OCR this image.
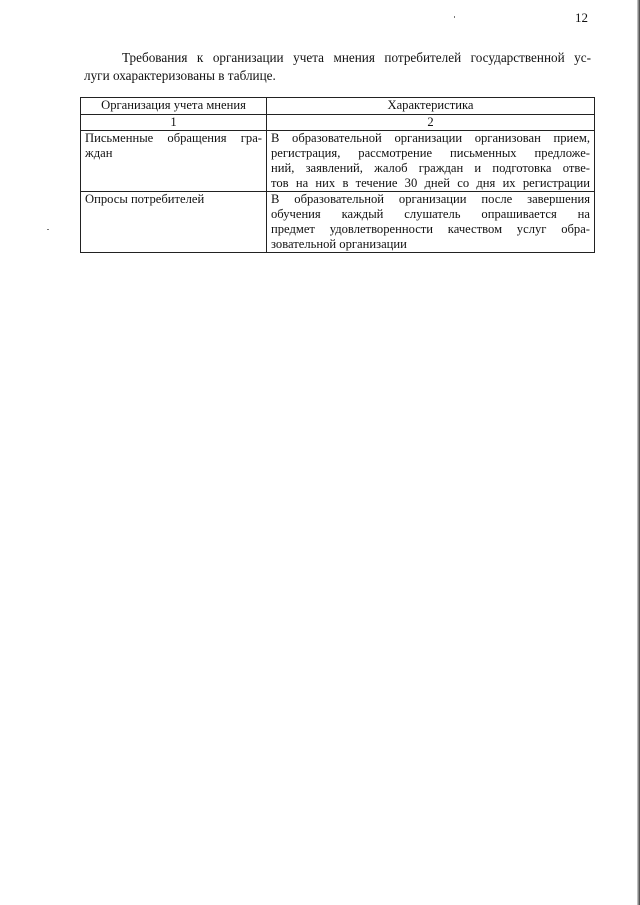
12
Требования к организации учета мнения потребителей государственной ус-
луги охарактеризованы в таблице.
Организация учета мнения	Характеристика
1	2

Письменные обращения гра-
ждан	В образовательной организации организован прием,
регистрация, рассмотрение письменных предложе-
ний, заявлений, жалоб граждан и подготовка отве-
тов на них в течение 30 дней со дня их регистрации

Опросы потребителей	В образовательной организации после завершения
обучения каждый слушатель опрашивается на
предмет удовлетворенности качеством услуг обра-
зовательной организации
